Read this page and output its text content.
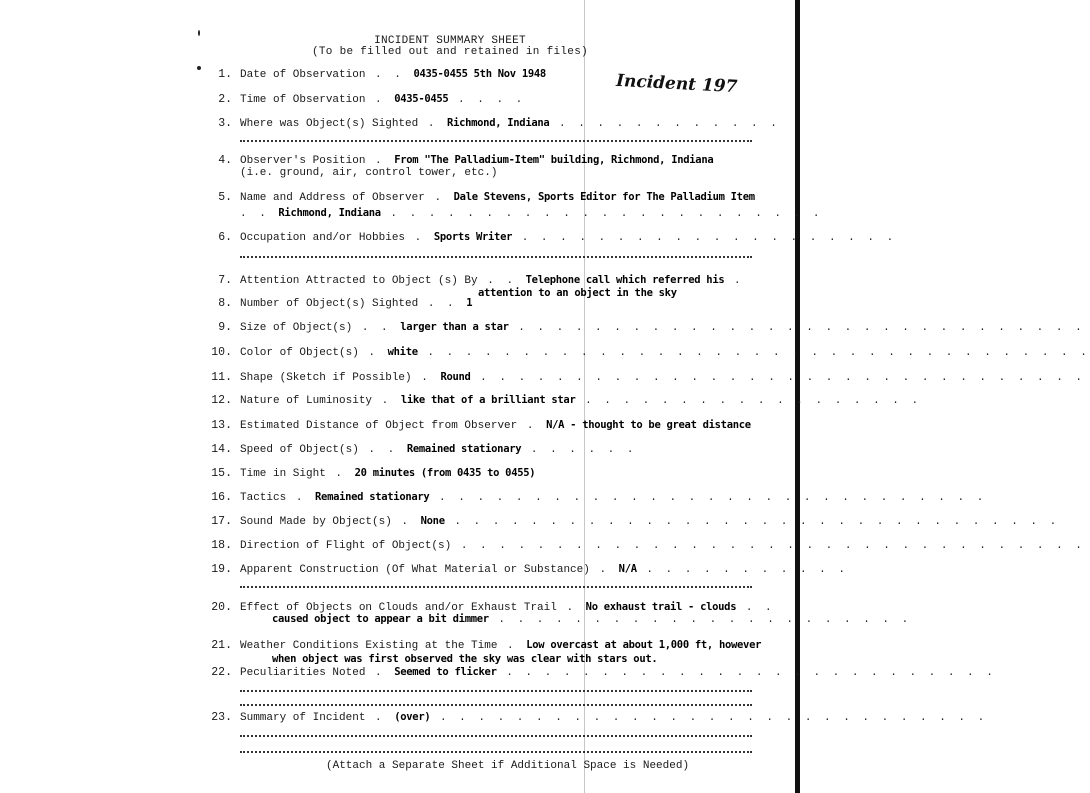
INCIDENT SUMMARY SHEET
(To be filled out and retained in files)
Incident 197
1. Date of Observation . . 0435-0455 5th Nov 1948
2. Time of Observation . 0435-0455 . . . .
3. Where was Object(s) Sighted . Richmond, Indiana . . . . . . . . . . . .
4. Observer's Position . From "The Palladium-Item" building, Richmond, Indiana
(i.e. ground, air, control tower, etc.)
5. Name and Address of Observer . Dale Stevens, Sports Editor for The Palladium Item
. . Richmond, Indiana . . . . . . . . . . . . . . . . . . . . . . .
6. Occupation and/or Hobbies . Sports Writer . . . . . . . . . . . . . . . . . . . .
7. Attention Attracted to Object (s) By . . Telephone call which referred his .
attention to an object in the sky
8. Number of Object(s) Sighted . . 1
9. Size of Object(s) . . larger than a star . . . . . . . . . . . . . . . . . . . . . . . . . . . . . .
10. Color of Object(s) . white . . . . . . . . . . . . . . . . . . . . . . . . . . . . . . . . . . .
11. Shape (Sketch if Possible) . Round . . . . . . . . . . . . . . . . . . . . . . . . . . . . . . . .
12. Nature of Luminosity . like that of a brilliant star . . . . . . . . . . . . . . . . . .
13. Estimated Distance of Object from Observer . N/A - thought to be great distance
14. Speed of Object(s) . . Remained stationary . . . . . .
15. Time in Sight . 20 minutes (from 0435 to 0455)
16. Tactics . Remained stationary . . . . . . . . . . . . . . . . . . . . . . . . . . . . .
17. Sound Made by Object(s) . None . . . . . . . . . . . . . . . . . . . . . . . . . . . . . . . .
18. Direction of Flight of Object(s) . . . . . . . . . . . . . . . . . . . . . . . . . . . . . . . . .
19. Apparent Construction (Of What Material or Substance) . N/A . . . . . . . . . . .
20. Effect of Objects on Clouds and/or Exhaust Trail . No exhaust trail - clouds . .
caused object to appear a bit dimmer . . . . . . . . . . . . . . . . . . . . . .
21. Weather Conditions Existing at the Time . Low overcast at about 1,000 ft, however
when object was first observed the sky was clear with stars out.
22. Peculiarities Noted . Seemed to flicker . . . . . . . . . . . . . . . . . . . . . . . . . .
23. Summary of Incident . (over) . . . . . . . . . . . . . . . . . . . . . . . . . . . . .
(Attach a Separate Sheet if Additional Space is Needed)
